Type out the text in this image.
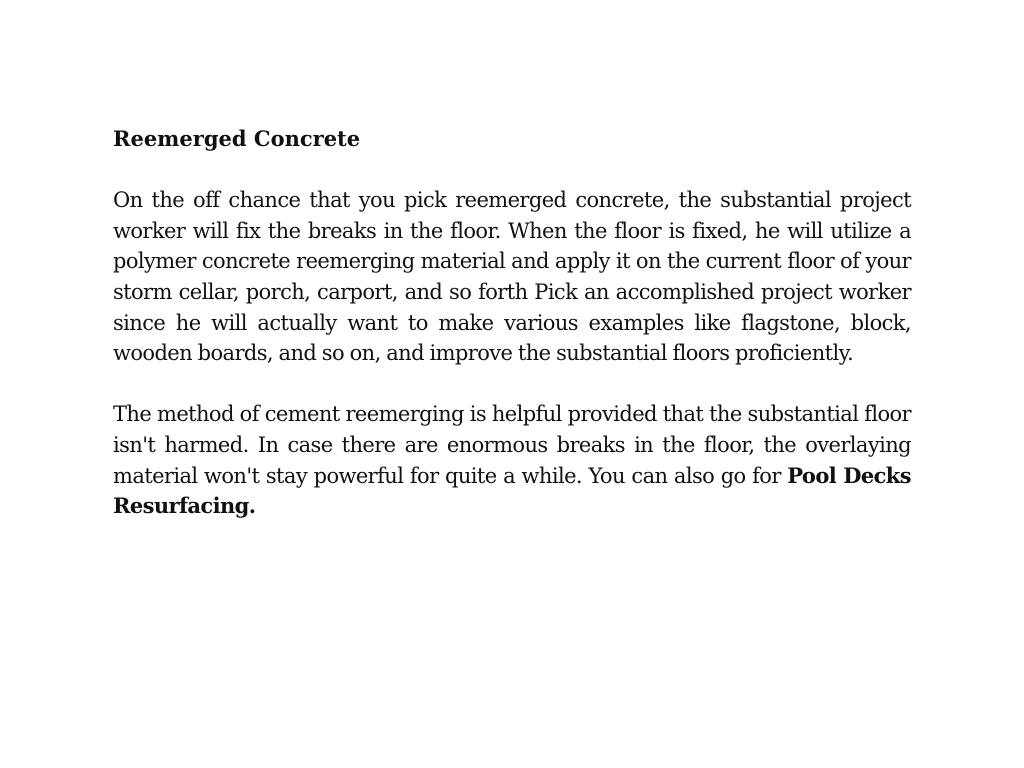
Reemerged Concrete

On the off chance that you pick reemerged concrete, the substantial project worker will fix the breaks in the floor. When the floor is fixed, he will utilize a polymer concrete reemerging material and apply it on the current floor of your storm cellar, porch, carport, and so forth Pick an accomplished project worker since he will actually want to make various examples like flagstone, block, wooden boards, and so on, and improve the substantial floors proficiently.

The method of cement reemerging is helpful provided that the substantial floor isn't harmed. In case there are enormous breaks in the floor, the overlaying material won't stay powerful for quite a while. You can also go for Pool Decks Resurfacing.
